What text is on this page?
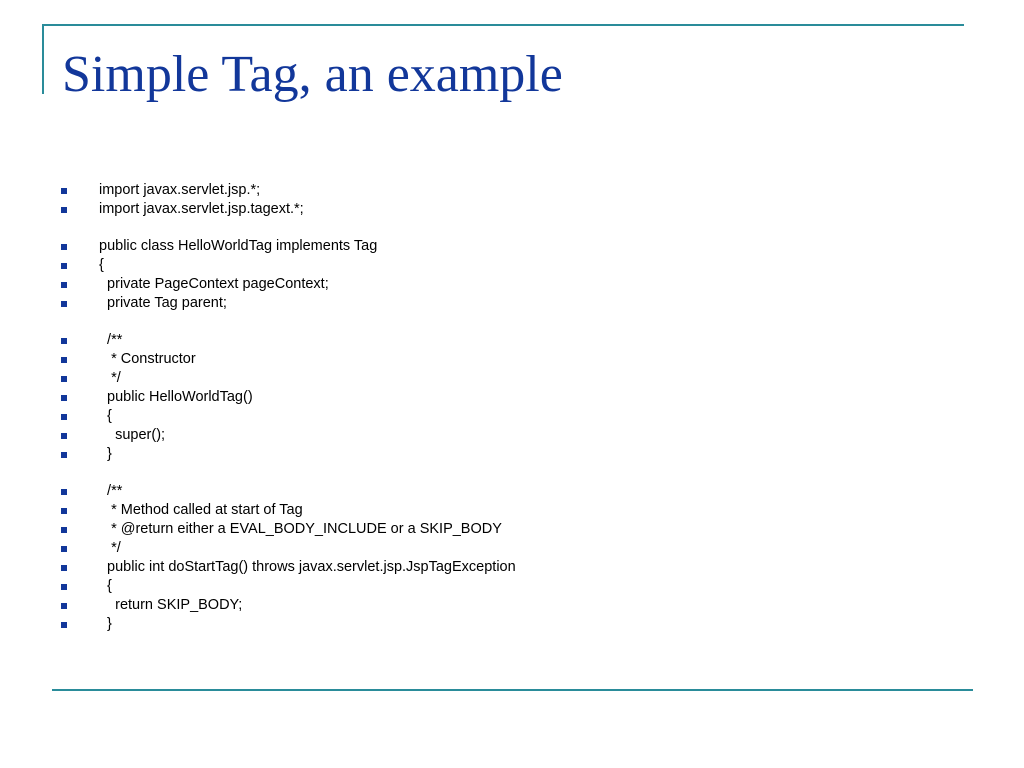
Simple Tag, an example

import javax.servlet.jsp.*;

import javax.servlet.jsp.tagext.*;

public class HelloWorldTag implements Tag

{

private PageContext pageContext;

private Tag parent;

/**

* Constructor

*/

public HelloWorldTag()

{

super();

}

/**

* Method called at start of Tag

* @return either a EVAL_BODY_INCLUDE or a SKIP_BODY

*/

public int doStartTag() throws javax.servlet.jsp.JspTagException

{

return SKIP_BODY;

}
